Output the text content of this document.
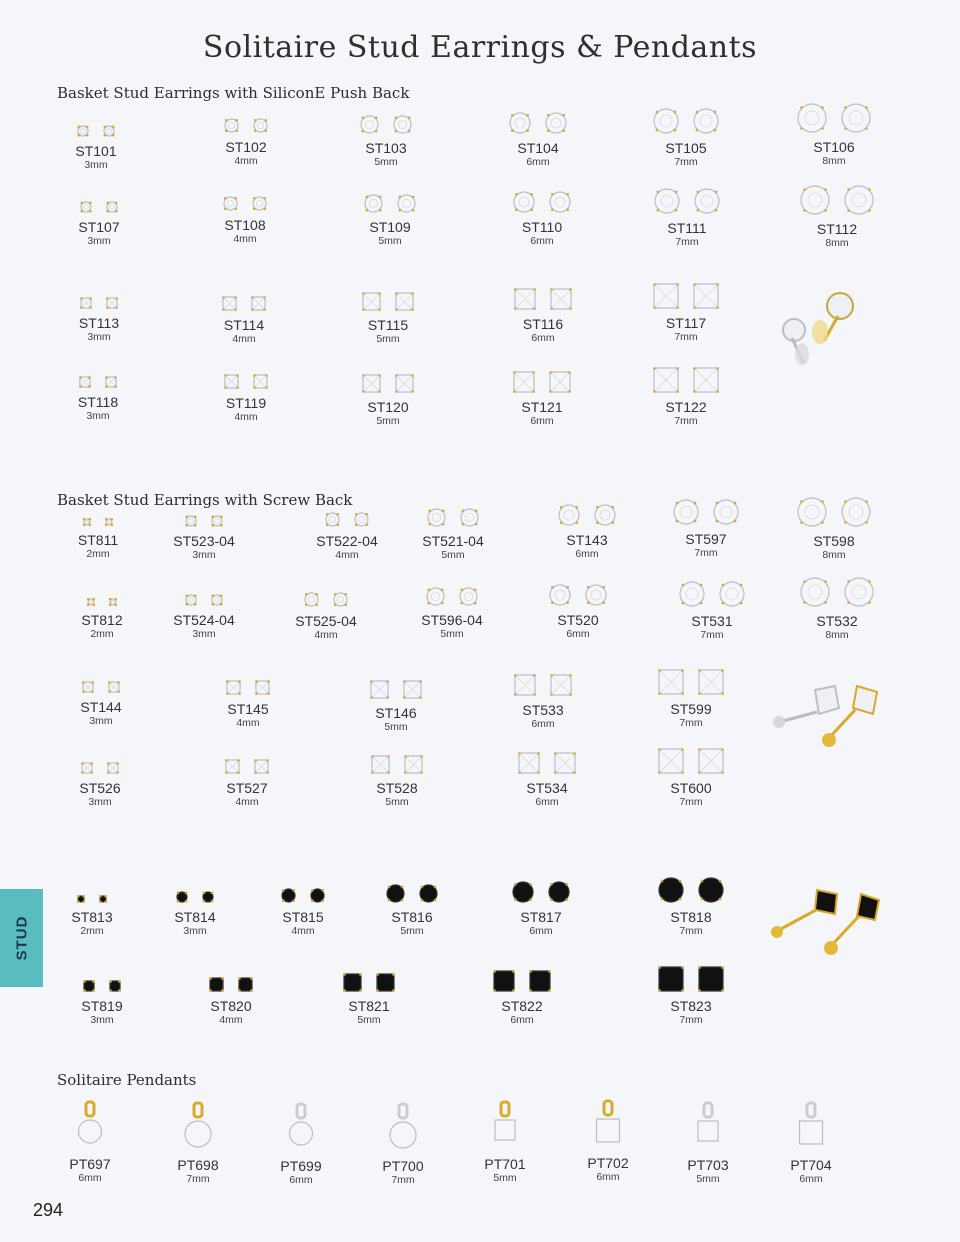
Solitaire Stud Earrings & Pendants
Basket Stud Earrings with SiliconE Push Back
Basket Stud Earrings with Screw Back
Solitaire Pendants
ST101
3mm
ST102
4mm
ST103
5mm
ST104
6mm
ST105
7mm
ST106
8mm
ST107
3mm
ST108
4mm
ST109
5mm
ST110
6mm
ST111
7mm
ST112
8mm
ST113
3mm
ST114
4mm
ST115
5mm
ST116
6mm
ST117
7mm
ST118
3mm
ST119
4mm
ST120
5mm
ST121
6mm
ST122
7mm
ST811
2mm
ST523-04
3mm
ST522-04
4mm
ST521-04
5mm
ST143
6mm
ST597
7mm
ST598
8mm
ST812
2mm
ST524-04
3mm
ST525-04
4mm
ST596-04
5mm
ST520
6mm
ST531
7mm
ST532
8mm
ST144
3mm
ST145
4mm
ST146
5mm
ST533
6mm
ST599
7mm
ST526
3mm
ST527
4mm
ST528
5mm
ST534
6mm
ST600
7mm
ST813
2mm
ST814
3mm
ST815
4mm
ST816
5mm
ST817
6mm
ST818
7mm
ST819
3mm
ST820
4mm
ST821
5mm
ST822
6mm
ST823
7mm
PT697
6mm
PT698
7mm
PT699
6mm
PT700
7mm
PT701
5mm
PT702
6mm
PT703
5mm
PT704
6mm
STUD
294
